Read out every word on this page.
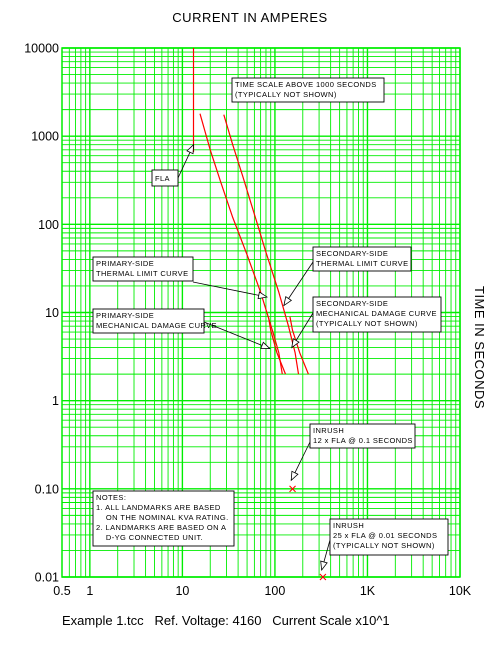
CURRENT IN AMPERES
TIME IN SECONDS
10000
1000
100
10
1
0.10
0.01
0.5 1	10	100	1K	10K
TIME SCALE ABOVE 1000 SECONDS
(TYPICALLY NOT SHOWN)
FLA
SECONDARY-SIDE
THERMAL LIMIT CURVE
PRIMARY-SIDE
THERMAL LIMIT CURVE
SECONDARY-SIDE
MECHANICAL DAMAGE CURVE
(TYPICALLY NOT SHOWN)
PRIMARY-SIDE
MECHANICAL DAMAGE CURVE
INRUSH
12 x FLA @ 0.1 SECONDS
NOTES:
1. ALL LANDMARKS ARE BASED
ON THE NOMINAL KVA RATING.
2. LANDMARKS ARE BASED ON A
D-YG CONNECTED UNIT.
INRUSH
25 x FLA @ 0.01 SECONDS
(TYPICALLY NOT SHOWN)
Example 1.tcc   Ref. Voltage: 4160   Current Scale x10^1
